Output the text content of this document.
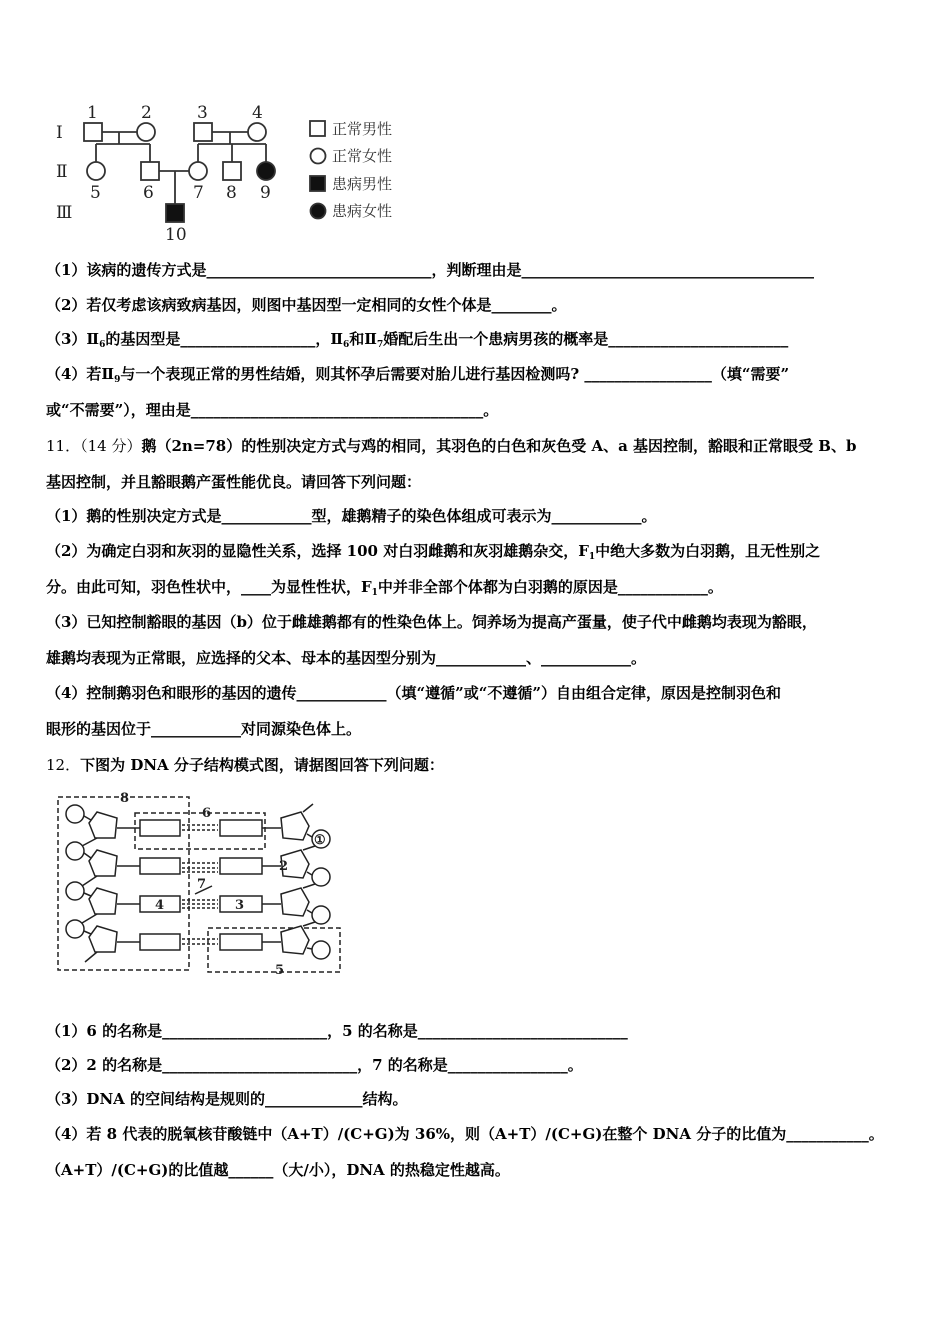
Ⅰ
Ⅱ
Ⅲ
1	2	3	4
5 6 7 8 9
10
正常男性
正常女性
患病男性
患病女性
（1）该病的遗传方式是______________________________，判断理由是_______________________________________
（2）若仅考虑该病致病基因，则图中基因型一定相同的女性个体是________。
$(3)Ⅱ_6$的基因型是__________________，$Ⅱ_6$和$Ⅱ_7$婚配后生出一个患病男孩的概率是________________________
（4）若$Ⅱ_9$与一个表现正常的男性结婚，则其怀孕后需要对胎儿进行基因检测吗? _________________（填“需要”
或“不需要”），理由是_______________________________________。
11．（14 分）鹅（2n=78）的性别决定方式与鸡的相同，其羽色的白色和灰色受 A、a 基因控制，豁眼和正常眼受 B、b
基因控制，并且豁眼鹅产蛋性能优良。请回答下列问题：
（1）鹅的性别决定方式是____________型，雄鹅精子的染色体组成可表示为____________。
（2）为确定白羽和灰羽的显隐性关系，选择 100 对白羽雌鹅和灰羽雄鹅杂交，$F_1$中绝大多数为白羽鹅，且无性别之
分。由此可知，羽色性状中，____为显性性状，$F_1$中并非全部个体都为白羽鹅的原因是____________。
（3）已知控制豁眼的基因（b）位于雌雄鹅都有的性染色体上。饲养场为提高产蛋量，使子代中雌鹅均表现为豁眼，
雄鹅均表现为正常眼，应选择的父本、母本的基因型分别为____________、____________。
（4）控制鹅羽色和眼形的基因的遗传____________（填“遵循”或“不遵循”）自由组合定律，原因是控制羽色和
眼形的基因位于____________对同源染色体上。
12．下图为 DNA 分子结构模式图，请据图回答下列问题：
8
6
①
2
7
4	3
5
（1）6 的名称是______________________，5 的名称是____________________________
（2）2 的名称是__________________________，7 的名称是________________。
（3）DNA 的空间结构是规则的_____________结构。
（4）若 8 代表的脱氧核苷酸链中（A+T）/(C+G)为 36%，则（A+T）/(C+G)在整个 DNA 分子的比值为___________。
（A+T）/(C+G)的比值越______（大/小），DNA 的热稳定性越高。
